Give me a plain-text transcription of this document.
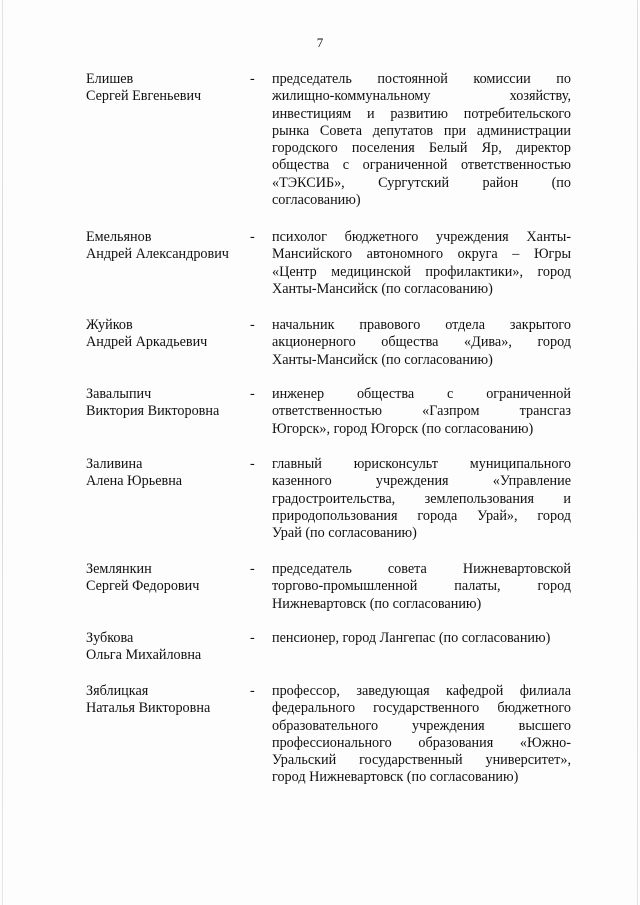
7
Елишев
Сергей Евгеньевич
- председатель постоянной комиссии по
жилищно-коммунальному хозяйству,
инвестициям и развитию потребительского
рынка Совета депутатов при администрации
городского поселения Белый Яр, директор
общества с ограниченной ответственностью
«ТЭКСИБ», Сургутский район (по
согласованию)
Емельянов
Андрей Александрович
- психолог бюджетного учреждения Ханты-
Мансийского автономного округа – Югры
«Центр медицинской профилактики», город
Ханты-Мансийск (по согласованию)
Жуйков
Андрей Аркадьевич
- начальник правового отдела закрытого
акционерного общества «Дива», город
Ханты-Мансийск (по согласованию)
Завалыпич
Виктория Викторовна
- инженер общества с ограниченной
ответственностью «Газпром трансгаз
Югорск», город Югорск (по согласованию)
Заливина
Алена Юрьевна
- главный юрисконсульт муниципального
казенного учреждения «Управление
градостроительства, землепользования и
природопользования города Урай», город
Урай (по согласованию)
Землянкин
Сергей Федорович
- председатель совета Нижневартовской
торгово-промышленной палаты, город
Нижневартовск (по согласованию)
Зубкова
Ольга Михайловна
- пенсионер, город Лангепас (по согласованию)
Зяблицкая
Наталья Викторовна
- профессор, заведующая кафедрой филиала
федерального государственного бюджетного
образовательного учреждения высшего
профессионального образования «Южно-
Уральский государственный университет»,
город Нижневартовск (по согласованию)
